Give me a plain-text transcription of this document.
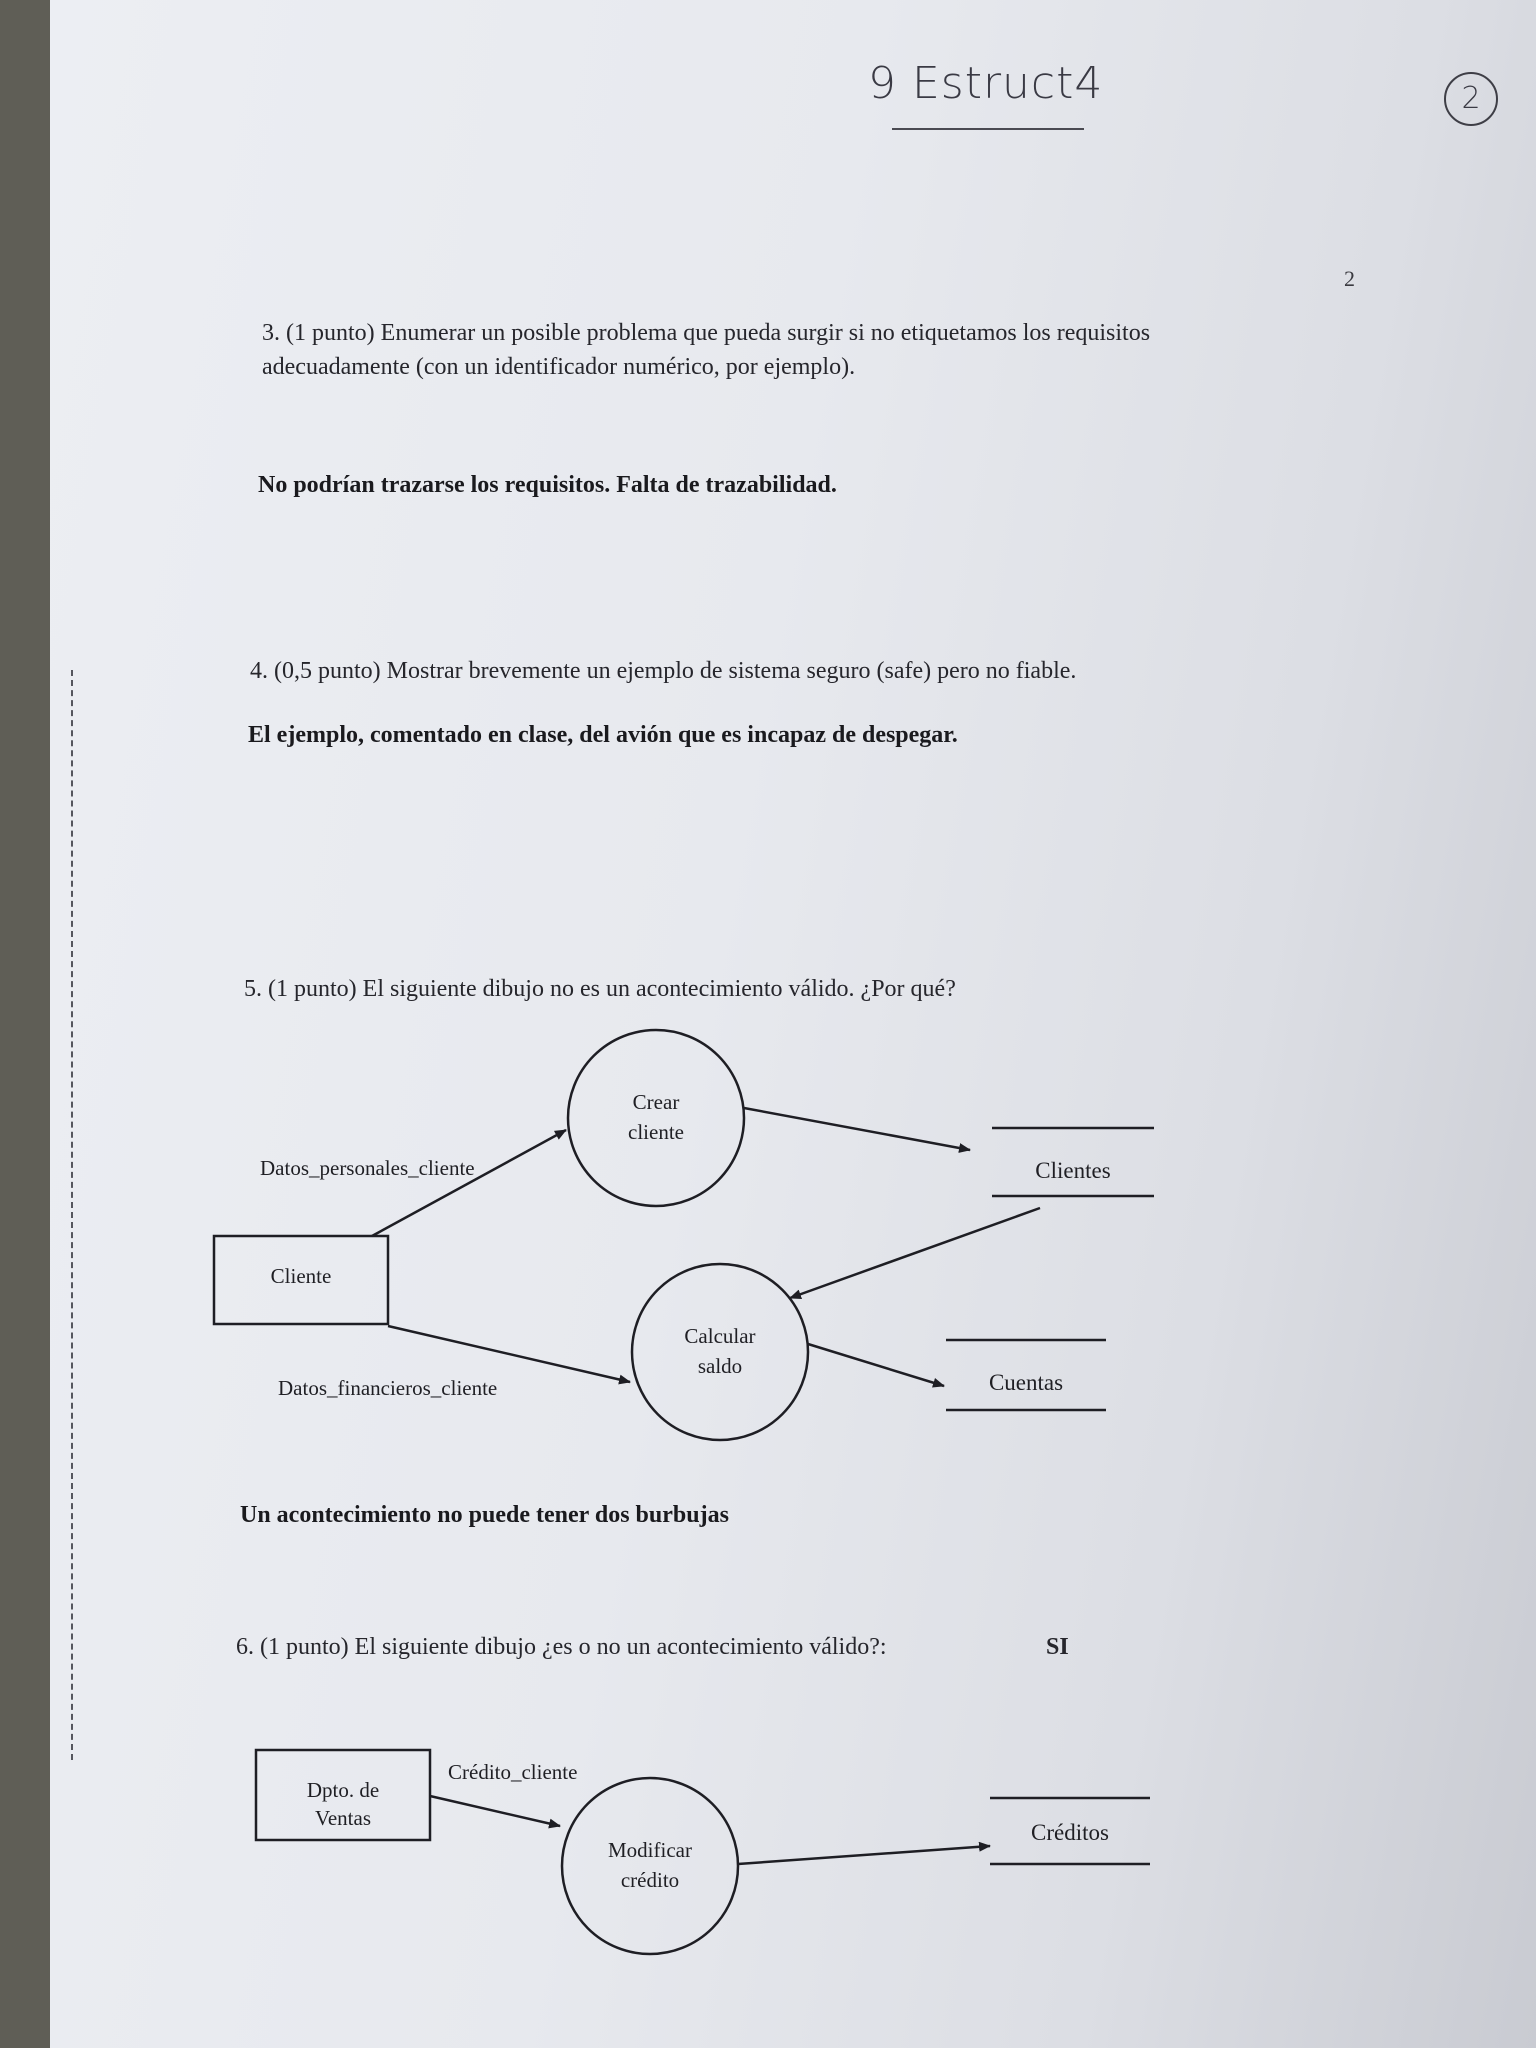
9 Estruct4	2
2
3. (1 punto) Enumerar un posible problema que pueda surgir si no etiquetamos los requisitos
adecuadamente (con un identificador numérico, por ejemplo).
No podrían trazarse los requisitos. Falta de trazabilidad.
4. (0,5 punto) Mostrar brevemente un ejemplo de sistema seguro (safe) pero no fiable.
El ejemplo, comentado en clase, del avión que es incapaz de despegar.
5. (1 punto) El siguiente dibujo no es un acontecimiento válido. ¿Por qué?
Cliente
Crear
cliente
Calcular
saldo
Clientes
Cuentas
Datos_personales_cliente
Datos_financieros_cliente
Un acontecimiento no puede tener dos burbujas
6. (1 punto) El siguiente dibujo ¿es o no un acontecimiento válido?:	SI
Dpto. de
Ventas
Crédito_cliente
Modificar
crédito
Créditos
